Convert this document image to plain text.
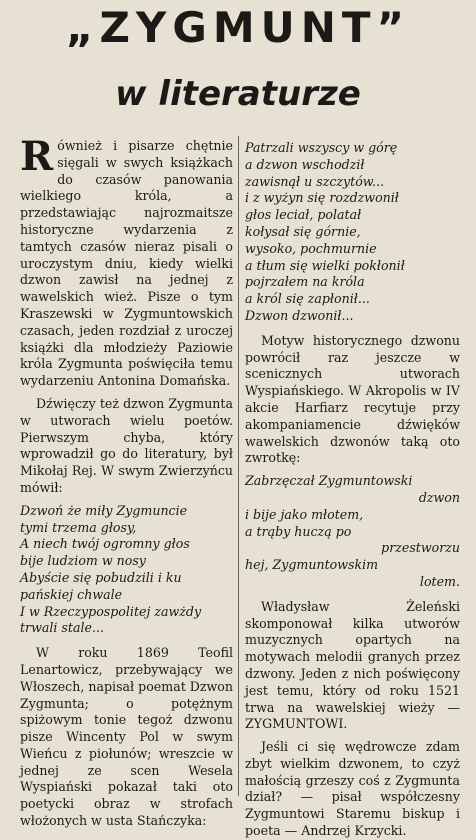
„ZYGMUNT”
w literaturze

Również i pisarze chętnie sięgali w swych książkach do czasów panowania wielkiego króla, a przedstawiając najrozmaitsze historyczne wydarzenia z tamtych czasów nieraz pisali o uroczystym dniu, kiedy wielki dzwon zawisł na jednej z wawelskich wież. Pisze o tym Kraszewski w Zygmuntowskich czasach, jeden rozdział z uroczej książki dla młodzieży Paziowie króla Zygmunta poświęciła temu wydarzeniu Antonina Domańska.

Dźwięczy też dzwon Zygmunta w utworach wielu poetów. Pierwszym chyba, który wprowadził go do literatury, był Mikołaj Rej. W swym Zwierzyńcu mówił:

Dzwoń że miły Zygmuncie
tymi trzema głosy,
A niech twój ogromny głos
bije ludziom w nosy
Abyście się pobudzili i ku
pańskiej chwale
I w Rzeczypospolitej zawżdy
trwali stale...

W roku 1869 Teofil Lenartowicz, przebywający we Włoszech, napisał poemat Dzwon Zygmunta; o potężnym spiżowym tonie tegoż dzwonu pisze Wincenty Pol w swym Wieńcu z piołunów; wreszcie w jednej ze scen Wesela Wyspiański pokazał taki oto poetycki obraz w strofach włożonych w usta Stańczyka:

Patrzali wszyscy w górę
a dzwon wschodził
zawisnął u szczytów...
i z wyżyn się rozdzwonił
głos leciał, polatał
kołysał się górnie,
wysoko, pochmurnie
a tłum się wielki pokłonił
pojrzałem na króla
a król się zapłonił...
Dzwon dzwonił...

Motyw historycznego dzwonu powrócił raz jeszcze w scenicznych utworach Wyspiańskiego. W Akropolis w IV akcie Harfiarz recytuje przy akompaniamencie dźwięków wawelskich dzwonów taką oto zwrotkę:

Zabrzęczał Zygmuntowski
dzwon
i bije jako młotem,
a trąby huczą po
przestworzu
hej, Zygmuntowskim
lotem.

Władysław Żeleński skomponował kilka utworów muzycznych opartych na motywach melodii granych przez dzwony. Jeden z nich poświęcony jest temu, który od roku 1521 trwa na wawelskiej wieży — ZYGMUNTOWI.

Jeśli ci się wędrowcze zdam zbyt wielkim dzwonem, to czyż małością grzeszy coś z Zygmunta dział? — pisał współczesny Zygmuntowi Staremu biskup i poeta — Andrzej Krzycki.
